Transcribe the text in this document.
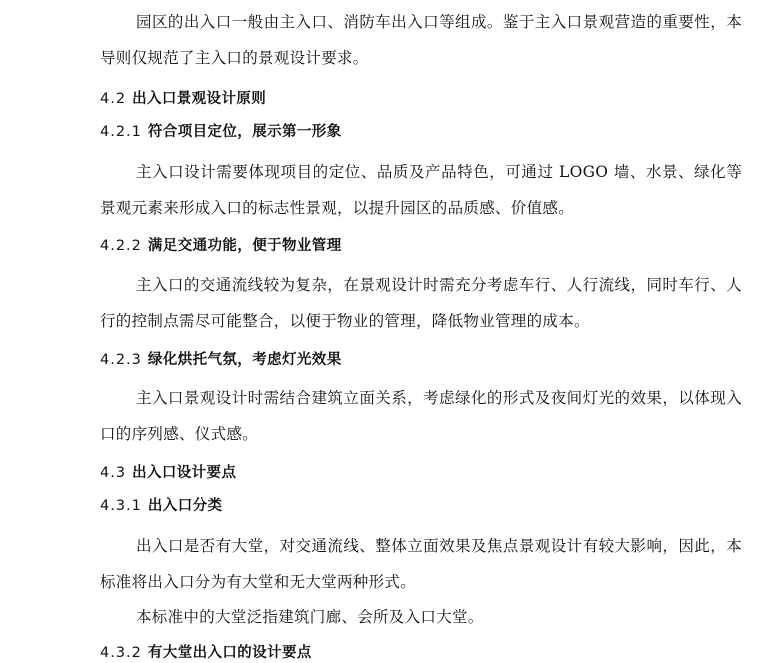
园区的出入口一般由主入口、消防车出入口等组成。鉴于主入口景观营造的重要性，本导则仅规范了主入口的景观设计要求。

4.2 出入口景观设计原则
4.2.1 符合项目定位，展示第一形象

主入口设计需要体现项目的定位、品质及产品特色，可通过 LOGO 墙、水景、绿化等景观元素来形成入口的标志性景观，以提升园区的品质感、价值感。

4.2.2 满足交通功能，便于物业管理

主入口的交通流线较为复杂，在景观设计时需充分考虑车行、人行流线，同时车行、人行的控制点需尽可能整合，以便于物业的管理，降低物业管理的成本。

4.2.3 绿化烘托气氛，考虑灯光效果

主入口景观设计时需结合建筑立面关系，考虑绿化的形式及夜间灯光的效果，以体现入口的序列感、仪式感。

4.3 出入口设计要点
4.3.1 出入口分类

出入口是否有大堂，对交通流线、整体立面效果及焦点景观设计有较大影响，因此，本标准将出入口分为有大堂和无大堂两种形式。

本标准中的大堂泛指建筑门廊、会所及入口大堂。

4.3.2 有大堂出入口的设计要点
